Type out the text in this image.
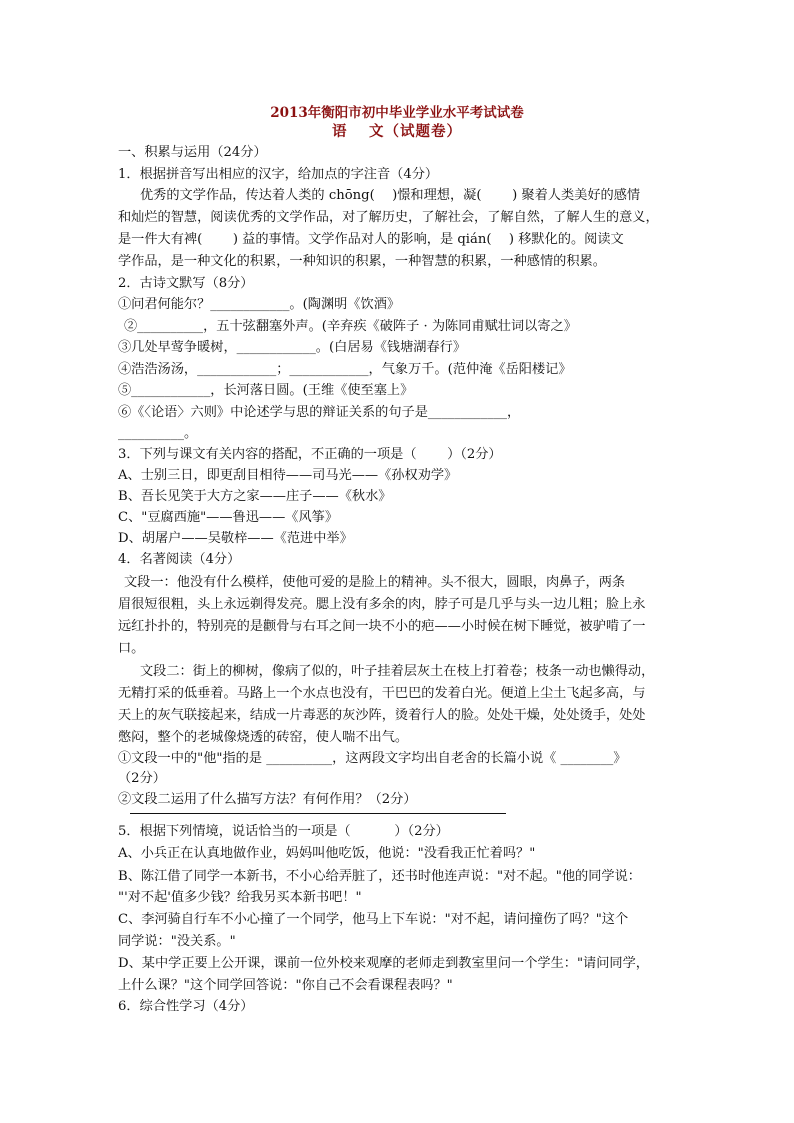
2013年衡阳市初中毕业学业水平考试试卷
语　 文（试题卷）
一、积累与运用（24分）
1．根据拼音写出相应的汉字，给加点的字注音（4分）
优秀的文学作品，传达着人类的 chōng(　 )憬和理想，凝(　　 ) 聚着人类美好的感情
和灿烂的智慧，阅读优秀的文学作品，对了解历史，了解社会，了解自然，了解人生的意义，
是一件大有裨(　　 ) 益的事情。文学作品对人的影响，是 qián(　 ) 移默化的。阅读文
学作品，是一种文化的积累，一种知识的积累，一种智慧的积累，一种感情的积累。
2．古诗文默写（8分）
①问君何能尔？____________。(陶渊明《饮酒》
②__________，五十弦翻塞外声。(辛弃疾《破阵子 · 为陈同甫赋壮词以寄之》
③几处早莺争暖树，____________。(白居易《钱塘湖春行》
④浩浩汤汤，____________；____________，气象万千。(范仲淹《岳阳楼记》
⑤____________，长河落日圆。(王维《使至塞上》
⑥《〈论语〉六则》中论述学与思的辩证关系的句子是____________，
__________。
3．下列与课文有关内容的搭配，不正确的一项是（　　 ）（2分）
A、士别三日，即更刮目相待——司马光——《孙权劝学》
B、吾长见笑于大方之家——庄子——《秋水》
C、"豆腐西施"——鲁迅——《风筝》
D、胡屠户——吴敬梓——《范进中举》
4．名著阅读（4分）
文段一：他没有什么模样，使他可爱的是脸上的精神。头不很大，圆眼，肉鼻子，两条
眉很短很粗，头上永远剃得发亮。腮上没有多余的肉，脖子可是几乎与头一边儿粗；脸上永
远红扑扑的，特别亮的是颧骨与右耳之间一块不小的疤——小时候在树下睡觉，被驴啃了一
口。
文段二：街上的柳树，像病了似的，叶子挂着层灰土在枝上打着卷；枝条一动也懒得动，
无精打采的低垂着。马路上一个水点也没有，干巴巴的发着白光。便道上尘土飞起多高，与
天上的灰气联接起来，结成一片毒恶的灰沙阵，烫着行人的脸。处处干燥，处处烫手，处处
憋闷，整个的老城像烧透的砖窑，使人喘不出气。
①文段一中的"他"指的是 __________，这两段文字均出自老舍的长篇小说《 ________》
（2分）
②文段二运用了什么描写方法？有何作用？（2分）
5．根据下列情境，说话恰当的一项是（　　　 ）（2分）
A、小兵正在认真地做作业，妈妈叫他吃饭，他说："没看我正忙着吗？"
B、陈江借了同学一本新书，不小心给弄脏了，还书时他连声说："对不起。"他的同学说：
"'对不起'值多少钱？给我另买本新书吧！"
C、李河骑自行车不小心撞了一个同学，他马上下车说："对不起，请问撞伤了吗？"这个
同学说："没关系。"
D、某中学正要上公开课，课前一位外校来观摩的老师走到教室里问一个学生："请问同学，
上什么课？"这个同学回答说："你自己不会看课程表吗？"
6．综合性学习（4分）
